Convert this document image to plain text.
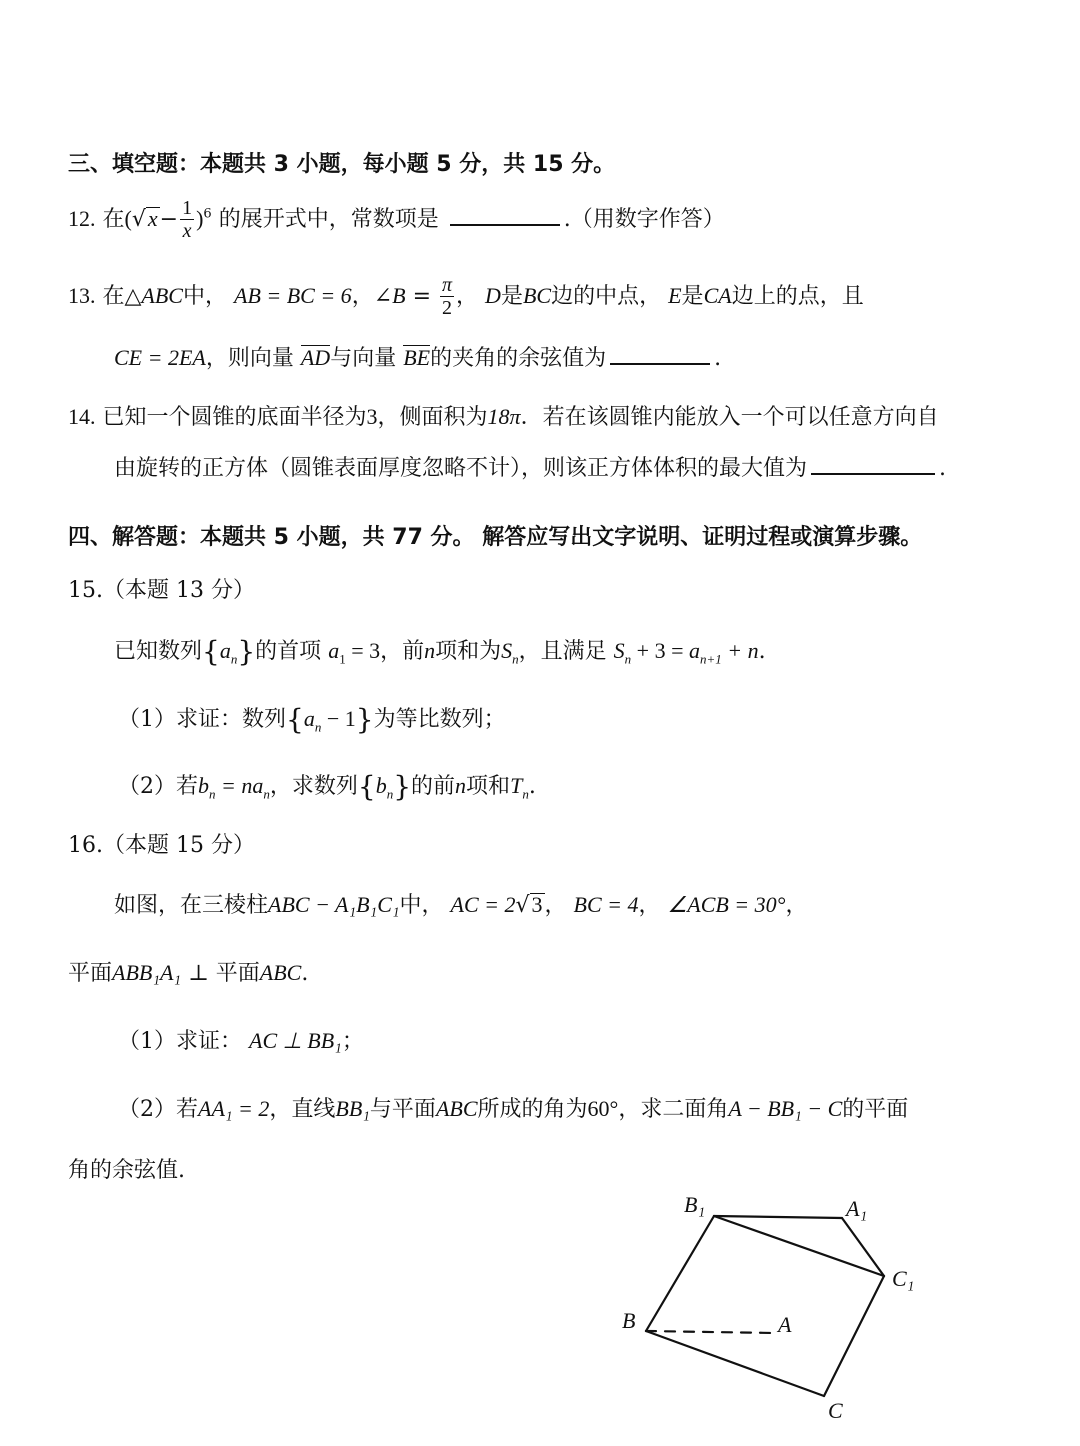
三、填空题：本题共 3 小题，每小题 5 分，共 15 分。
12. 在$(√x- \frac{1}{x} )^6$ 的展开式中，常数项是	.（用数字作答）
13. 在△ABC中， AB = BC = 6，∠B = $\frac{\pi}{2}$ ， D是BC边的中点， E是CA边上的点，且
CE = 2EA，则向量 AD与向量 BE的夹角的余弦值为	.
14. 已知一个圆锥的底面半径为3，侧面积为18π．若在该圆锥内能放入一个可以任意方向自
由旋转的正方体（圆锥表面厚度忽略不计），则该正方体体积的最大值为	.
四、解答题：本题共 5 小题，共 77 分。 解答应写出文字说明、证明过程或演算步骤。
15.（本题 13 分）
已知数列$\{a_n\}$的首项 $a_1 = 3$，前n项和为$S_n$，且满足 $S_n + 3 = a_{n+1} + n$.
（1）求证：数列$\{a_n - 1\}$为等比数列；
（2）若$b_n = na_n$，求数列$\{b_n\}$的前n项和$T_n$.
16.（本题 15 分）
如图，在三棱柱ABC − A₁B₁C₁中， AC = 2√3， BC = 4， ∠ACB = 30°，
平面ABB₁A₁ ⊥ 平面ABC.
（1）求证： AC ⊥ BB₁；
（2）若AA₁ = 2，直线BB₁与平面ABC所成的角为60°，求二面角A − BB₁ − C的平面
角的余弦值.
B₁	A₁
C₁
B	A
C
